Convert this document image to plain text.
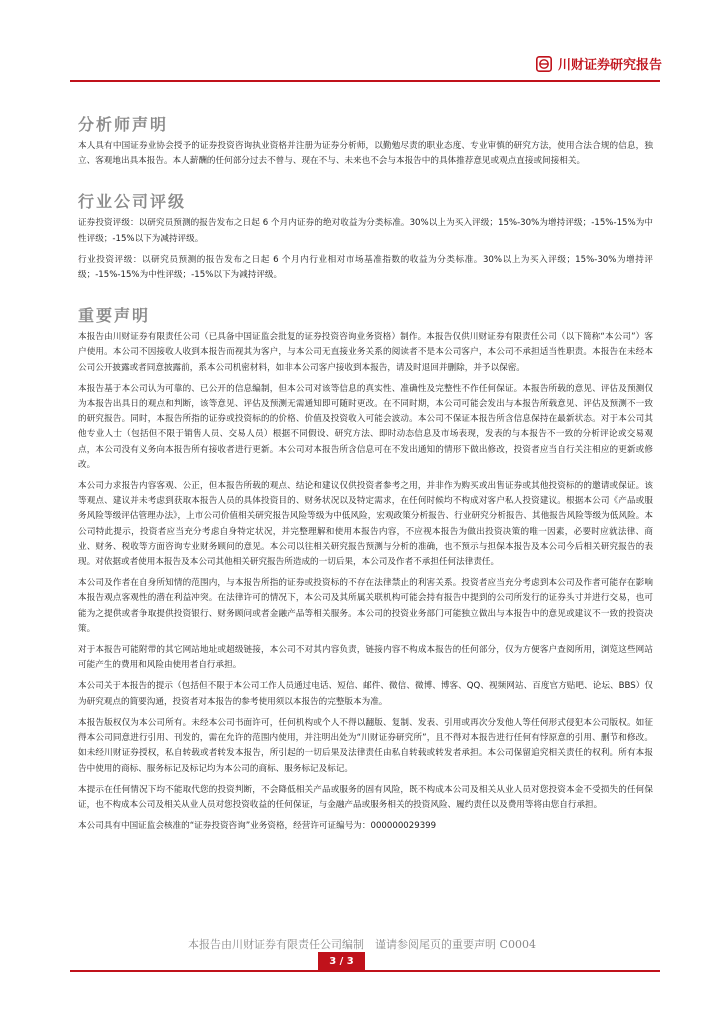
川财证券研究报告
分析师声明

本人具有中国证券业协会授予的证券投资咨询执业资格并注册为证券分析师，以勤勉尽责的职业态度、专业审慎的研究方法，使用合法合规的信息，独立、客观地出具本报告。本人薪酬的任何部分过去不曾与、现在不与、未来也不会与本报告中的具体推荐意见或观点直接或间接相关。

行业公司评级

证券投资评级：以研究员预测的报告发布之日起 6 个月内证券的绝对收益为分类标准。30%以上为买入评级；15%-30%为增持评级；-15%-15%为中性评级；-15%以下为减持评级。

行业投资评级：以研究员预测的报告发布之日起 6 个月内行业相对市场基准指数的收益为分类标准。30%以上为买入评级；15%-30%为增持评级；-15%-15%为中性评级；-15%以下为减持评级。

重要声明

本报告由川财证券有限责任公司（已具备中国证监会批复的证券投资咨询业务资格）制作。本报告仅供川财证券有限责任公司（以下简称“本公司”）客户使用。本公司不因接收人收到本报告而视其为客户，与本公司无直接业务关系的阅读者不是本公司客户，本公司不承担适当性职责。本报告在未经本公司公开披露或者同意披露前，系本公司机密材料，如非本公司客户接收到本报告，请及时退回并删除，并予以保密。

本报告基于本公司认为可靠的、已公开的信息编制，但本公司对该等信息的真实性、准确性及完整性不作任何保证。本报告所载的意见、评估及预测仅为本报告出具日的观点和判断，该等意见、评估及预测无需通知即可随时更改。在不同时期，本公司可能会发出与本报告所载意见、评估及预测不一致的研究报告。同时，本报告所指的证券或投资标的的价格、价值及投资收入可能会波动。本公司不保证本报告所含信息保持在最新状态。对于本公司其他专业人士（包括但不限于销售人员、交易人员）根据不同假设、研究方法、即时动态信息及市场表现，发表的与本报告不一致的分析评论或交易观点，本公司没有义务向本报告所有接收者进行更新。本公司对本报告所含信息可在不发出通知的情形下做出修改，投资者应当自行关注相应的更新或修改。

本公司力求报告内容客观、公正，但本报告所载的观点、结论和建议仅供投资者参考之用，并非作为购买或出售证券或其他投资标的的邀请或保证。该等观点、建议并未考虑到获取本报告人员的具体投资目的、财务状况以及特定需求，在任何时候均不构成对客户私人投资建议。根据本公司《产品或服务风险等级评估管理办法》，上市公司价值相关研究报告风险等级为中低风险，宏观政策分析报告、行业研究分析报告、其他报告风险等级为低风险。本公司特此提示，投资者应当充分考虑自身特定状况，并完整理解和使用本报告内容，不应视本报告为做出投资决策的唯一因素，必要时应就法律、商业、财务、税收等方面咨询专业财务顾问的意见。本公司以往相关研究报告预测与分析的准确，也不预示与担保本报告及本公司今后相关研究报告的表现。对依据或者使用本报告及本公司其他相关研究报告所造成的一切后果，本公司及作者不承担任何法律责任。

本公司及作者在自身所知情的范围内，与本报告所指的证券或投资标的不存在法律禁止的利害关系。投资者应当充分考虑到本公司及作者可能存在影响本报告观点客观性的潜在利益冲突。在法律许可的情况下，本公司及其所属关联机构可能会持有报告中提到的公司所发行的证券头寸并进行交易，也可能为之提供或者争取提供投资银行、财务顾问或者金融产品等相关服务。本公司的投资业务部门可能独立做出与本报告中的意见或建议不一致的投资决策。

对于本报告可能附带的其它网站地址或超级链接，本公司不对其内容负责，链接内容不构成本报告的任何部分，仅为方便客户查阅所用，浏览这些网站可能产生的费用和风险由使用者自行承担。

本公司关于本报告的提示（包括但不限于本公司工作人员通过电话、短信、邮件、微信、微博、博客、QQ、视频网站、百度官方贴吧、论坛、BBS）仅为研究观点的简要沟通，投资者对本报告的参考使用须以本报告的完整版本为准。

本报告版权仅为本公司所有。未经本公司书面许可，任何机构或个人不得以翻版、复制、发表、引用或再次分发他人等任何形式侵犯本公司版权。如征得本公司同意进行引用、刊发的，需在允许的范围内使用，并注明出处为“川财证券研究所”，且不得对本报告进行任何有悖原意的引用、删节和修改。如未经川财证券授权，私自转载或者转发本报告，所引起的一切后果及法律责任由私自转载或转发者承担。本公司保留追究相关责任的权利。所有本报告中使用的商标、服务标记及标记均为本公司的商标、服务标记及标记。

本提示在任何情况下均不能取代您的投资判断，不会降低相关产品或服务的固有风险，既不构成本公司及相关从业人员对您投资本金不受损失的任何保证，也不构成本公司及相关从业人员对您投资收益的任何保证，与金融产品或服务相关的投资风险、履约责任以及费用等将由您自行承担。

本公司具有中国证监会核准的“证券投资咨询”业务资格，经营许可证编号为：000000029399

本报告由川财证券有限责任公司编制　谨请参阅尾页的重要声明 C0004
3 / 3
